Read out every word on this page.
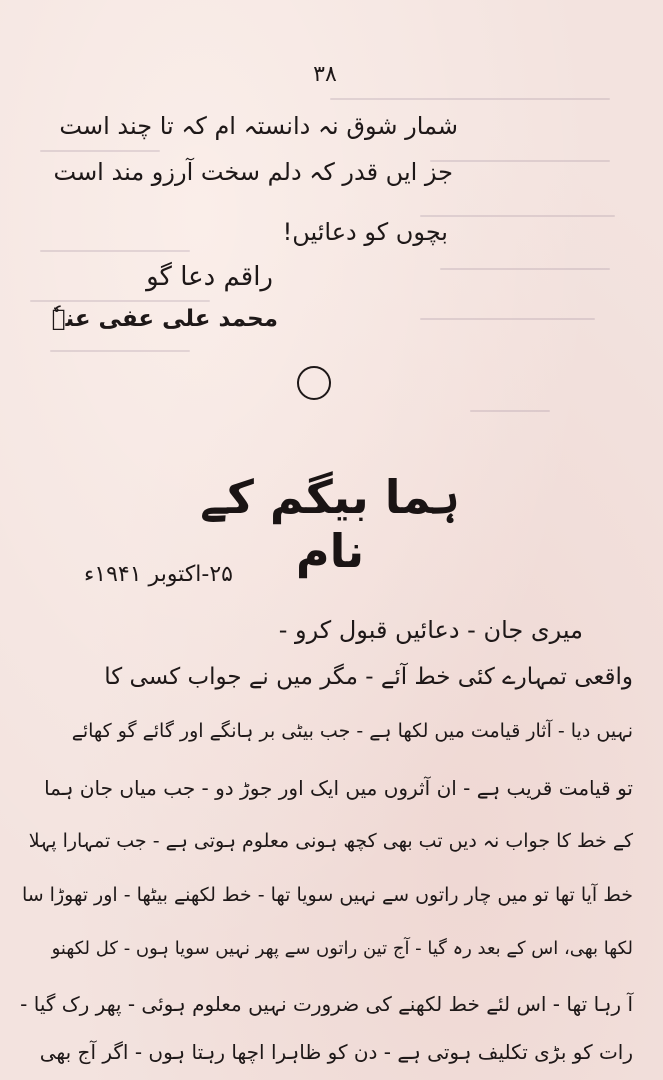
۳۸
شمار شوق نہ دانستہ ام کہ تا چند است
جز ایں قدر کہ دلم سخت آرزو مند است
بچوں کو دعائیں!
راقم دعا گو
محمد علی عفی عنہٗ
ہما بیگم کے نام
۲۵-اکتوبر ۱۹۴۱ء
میری جان - دعائیں قبول کرو -
واقعی تمہارے کئی خط آئے - مگر میں نے جواب کسی کا
نہیں دیا - آثار قیامت میں لکھا ہے - جب بیٹی بر ہانگے اور گائے گو کھائے
تو قیامت قریب ہے - ان آثروں میں ایک اور جوڑ دو - جب میاں جان ہما
کے خط کا جواب نہ دیں تب بھی کچھ ہونی معلوم ہوتی ہے - جب تمہارا پہلا
خط آیا تھا تو میں چار راتوں سے نہیں سویا تھا - خط لکھنے بیٹھا - اور تھوڑا سا
لکھا بھی، اس کے بعد رہ گیا - آج تین راتوں سے پھر نہیں سویا ہوں - کل لکھنو
آ رہا تھا - اس لئے خط لکھنے کی ضرورت نہیں معلوم ہوئی - پھر رک گیا -
رات کو بڑی تکلیف ہوتی ہے - دن کو ظاہرا اچھا رہتا ہوں - اگر آج بھی
